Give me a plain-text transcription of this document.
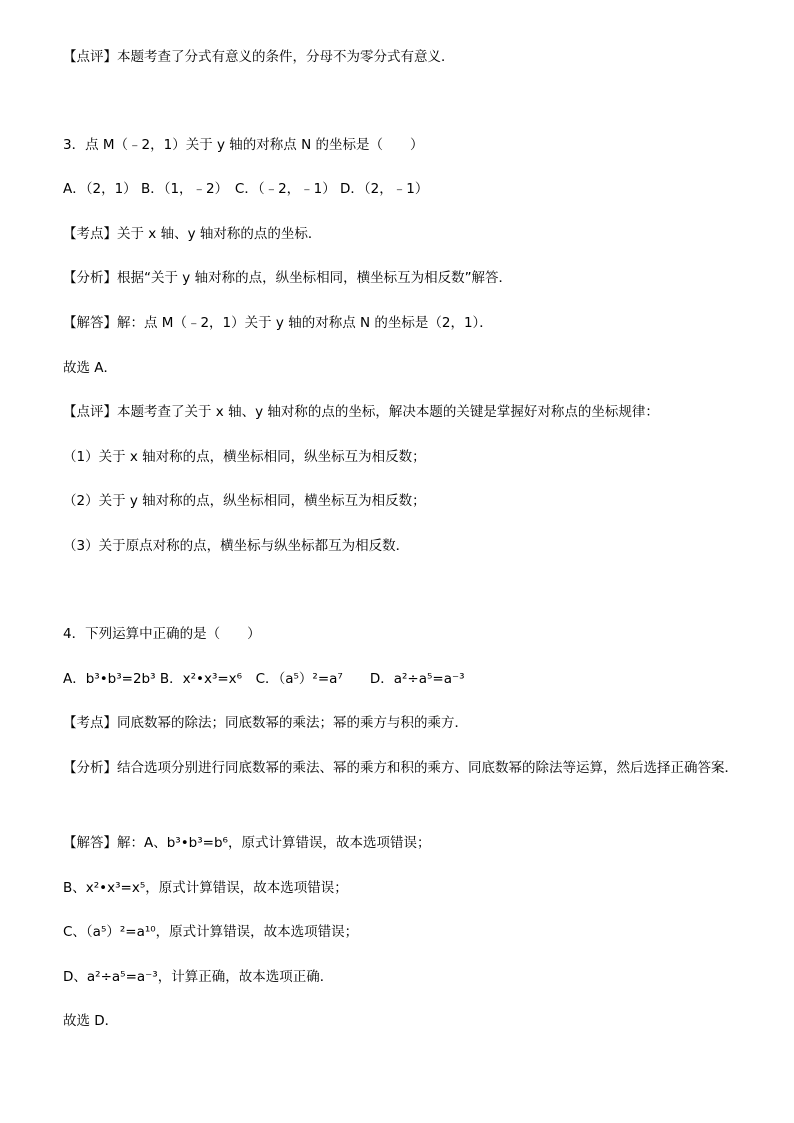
【点评】本题考查了分式有意义的条件，分母不为零分式有意义．
3．点 M（﹣2，1）关于 y 轴的对称点 N 的坐标是（　　）
A．（2，1） B．（1，﹣2）　C．（﹣2，﹣1） D．（2，﹣1）
【考点】关于 x 轴、y 轴对称的点的坐标．
【分析】根据“关于 y 轴对称的点，纵坐标相同，横坐标互为相反数”解答．
【解答】解：点 M（﹣2，1）关于 y 轴的对称点 N 的坐标是（2，1）．
故选 A．
【点评】本题考查了关于 x 轴、y 轴对称的点的坐标，解决本题的关键是掌握好对称点的坐标规律：
（1）关于 x 轴对称的点，横坐标相同，纵坐标互为相反数；
（2）关于 y 轴对称的点，纵坐标相同，横坐标互为相反数；
（3）关于原点对称的点，横坐标与纵坐标都互为相反数．
4．下列运算中正确的是（　　）
A．b³•b³=2b³ B．x²•x³=x⁶　C．（a⁵）²=a⁷　　D．a²÷a⁵=a⁻³
【考点】同底数幂的除法；同底数幂的乘法；幂的乘方与积的乘方．
【分析】结合选项分别进行同底数幂的乘法、幂的乘方和积的乘方、同底数幂的除法等运算，然后选择正确答案．
【解答】解：A、b³•b³=b⁶，原式计算错误，故本选项错误；
B、x²•x³=x⁵，原式计算错误，故本选项错误；
C、（a⁵）²=a¹⁰，原式计算错误，故本选项错误；
D、a²÷a⁵=a⁻³，计算正确，故本选项正确．
故选 D．
